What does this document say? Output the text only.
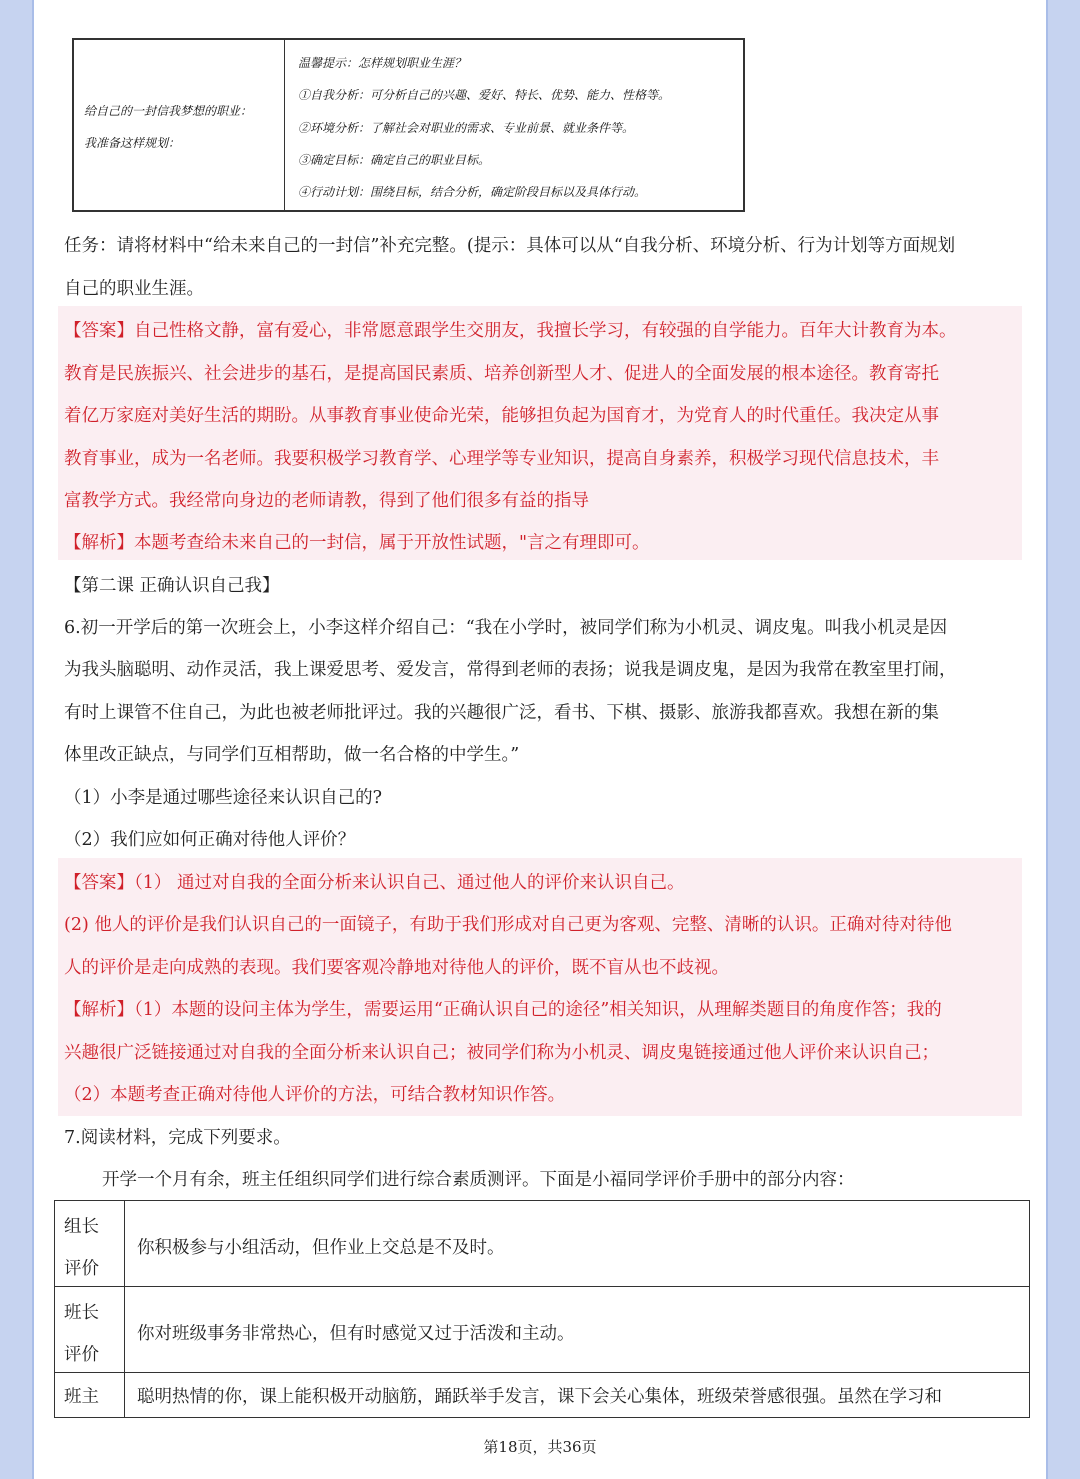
给自己的一封信我梦想的职业：
我准备这样规划：
温馨提示：怎样规划职业生涯？
①自我分析：可分析自己的兴趣、爱好、特长、优势、能力、性格等。
②环境分析：了解社会对职业的需求、专业前景、就业条件等。
③确定目标：确定自己的职业目标。
④行动计划：围绕目标，结合分析，确定阶段目标以及具体行动。
任务：请将材料中“给未来自己的一封信”补充完整。(提示：具体可以从“自我分析、环境分析、行为计划等方面规划
自己的职业生涯。
【答案】自己性格文静，富有爱心，非常愿意跟学生交朋友，我擅长学习，有较强的自学能力。百年大计教育为本。
教育是民族振兴、社会进步的基石，是提高国民素质、培养创新型人才、促进人的全面发展的根本途径。教育寄托
着亿万家庭对美好生活的期盼。从事教育事业使命光荣，能够担负起为国育才，为党育人的时代重任。我决定从事
教育事业，成为一名老师。我要积极学习教育学、心理学等专业知识，提高自身素养，积极学习现代信息技术，丰
富教学方式。我经常向身边的老师请教，得到了他们很多有益的指导
【解析】本题考查给未来自己的一封信，属于开放性试题，"言之有理即可。
【第二课 正确认识自己我】
6.初一开学后的第一次班会上，小李这样介绍自己：“我在小学时，被同学们称为小机灵、调皮鬼。叫我小机灵是因
为我头脑聪明、动作灵活，我上课爱思考、爱发言，常得到老师的表扬；说我是调皮鬼，是因为我常在教室里打闹，
有时上课管不住自己，为此也被老师批评过。我的兴趣很广泛，看书、下棋、摄影、旅游我都喜欢。我想在新的集
体里改正缺点，与同学们互相帮助，做一名合格的中学生。”
（1）小李是通过哪些途径来认识自己的?
（2）我们应如何正确对待他人评价？
【答案】（1） 通过对自我的全面分析来认识自己、通过他人的评价来认识自己。
(2) 他人的评价是我们认识自己的一面镜子，有助于我们形成对自己更为客观、完整、清晰的认识。正确对待对待他
人的评价是走向成熟的表现。我们要客观冷静地对待他人的评价，既不盲从也不歧视。
【解析】（1）本题的设问主体为学生，需要运用“正确认识自己的途径”相关知识，从理解类题目的角度作答；我的
兴趣很广泛链接通过对自我的全面分析来认识自己；被同学们称为小机灵、调皮鬼链接通过他人评价来认识自己；
（2）本题考查正确对待他人评价的方法，可结合教材知识作答。
7.阅读材料，完成下列要求。
开学一个月有余，班主任组织同学们进行综合素质测评。下面是小福同学评价手册中的部分内容：
组长
评价
你积极参与小组活动，但作业上交总是不及时。
班长
评价
你对班级事务非常热心，但有时感觉又过于活泼和主动。
班主 聪明热情的你，课上能积极开动脑筋，踊跃举手发言，课下会关心集体，班级荣誉感很强。虽然在学习和
第18页，共36页
